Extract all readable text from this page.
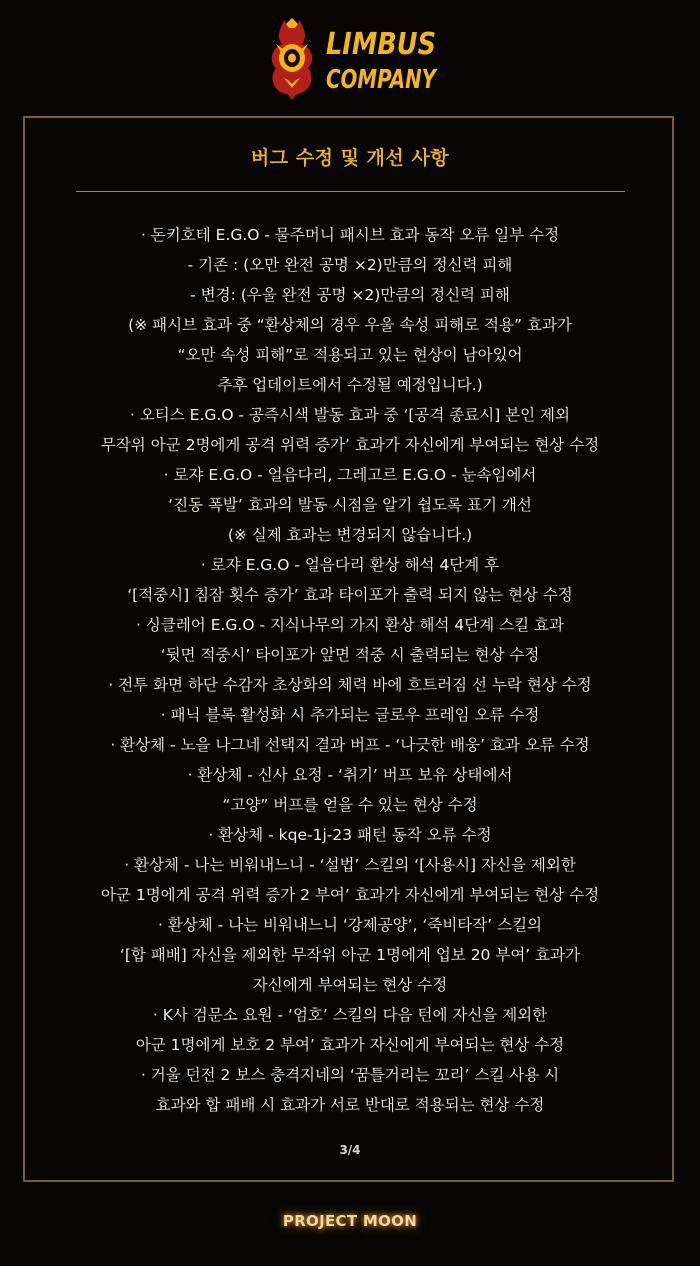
LIMBUS
COMPANY
버그 수정 및 개선 사항
· 돈키호테 E.G.O - 물주머니 패시브 효과 동작 오류 일부 수정
- 기존 : (오만 완전 공명 ×2)만큼의 정신력 피해
- 변경: (우울 완전 공명 ×2)만큼의 정신력 피해
(※ 패시브 효과 중 “환상체의 경우 우울 속성 피해로 적용” 효과가
“오만 속성 피해”로 적용되고 있는 현상이 남아있어
추후 업데이트에서 수정될 예정입니다.)
· 오티스 E.G.O - 공즉시색 발동 효과 중 ‘[공격 종료시] 본인 제외
무작위 아군 2명에게 공격 위력 증가’ 효과가 자신에게 부여되는 현상 수정
· 로쟈 E.G.O - 얼음다리, 그레고르 E.G.O - 눈속임에서
‘진동 폭발’ 효과의 발동 시점을 알기 쉽도록 표기 개선
(※ 실제 효과는 변경되지 않습니다.)
· 로쟈 E.G.O - 얼음다리 환상 해석 4단계 후
‘[적중시] 침잠 횟수 증가’ 효과 타이포가 출력 되지 않는 현상 수정
· 싱클레어 E.G.O - 지식나무의 가지 환상 해석 4단계 스킬 효과
‘뒷면 적중시’ 타이포가 앞면 적중 시 출력되는 현상 수정
· 전투 화면 하단 수감자 초상화의 체력 바에 흐트러짐 선 누락 현상 수정
· 패닉 블록 활성화 시 추가되는 글로우 프레임 오류 수정
· 환상체 - 노을 나그네 선택지 결과 버프 - ‘나긋한 배웅’ 효과 오류 수정
· 환상체 - 신사 요정 - ‘취기’ 버프 보유 상태에서
“고양” 버프를 얻을 수 있는 현상 수정
· 환상체 - kqe-1j-23 패턴 동작 오류 수정
· 환상체 - 나는 비워내느니 - ‘설법’ 스킬의 ‘[사용시] 자신을 제외한
아군 1명에게 공격 위력 증가 2 부여’ 효과가 자신에게 부여되는 현상 수정
· 환상체 - 나는 비워내느니 ‘강제공양’, ‘죽비타작’ 스킬의
‘[합 패배] 자신을 제외한 무작위 아군 1명에게 업보 20 부여’ 효과가
자신에게 부여되는 현상 수정
· K사 검문소 요원 - ‘엄호’ 스킬의 다음 턴에 자신을 제외한
아군 1명에게 보호 2 부여’ 효과가 자신에게 부여되는 현상 수정
· 거울 던전 2 보스 충격지네의 ‘꿈틀거리는 꼬리’ 스킬 사용 시
효과와 합 패배 시 효과가 서로 반대로 적용되는 현상 수정
3/4
PROJECT MOON
